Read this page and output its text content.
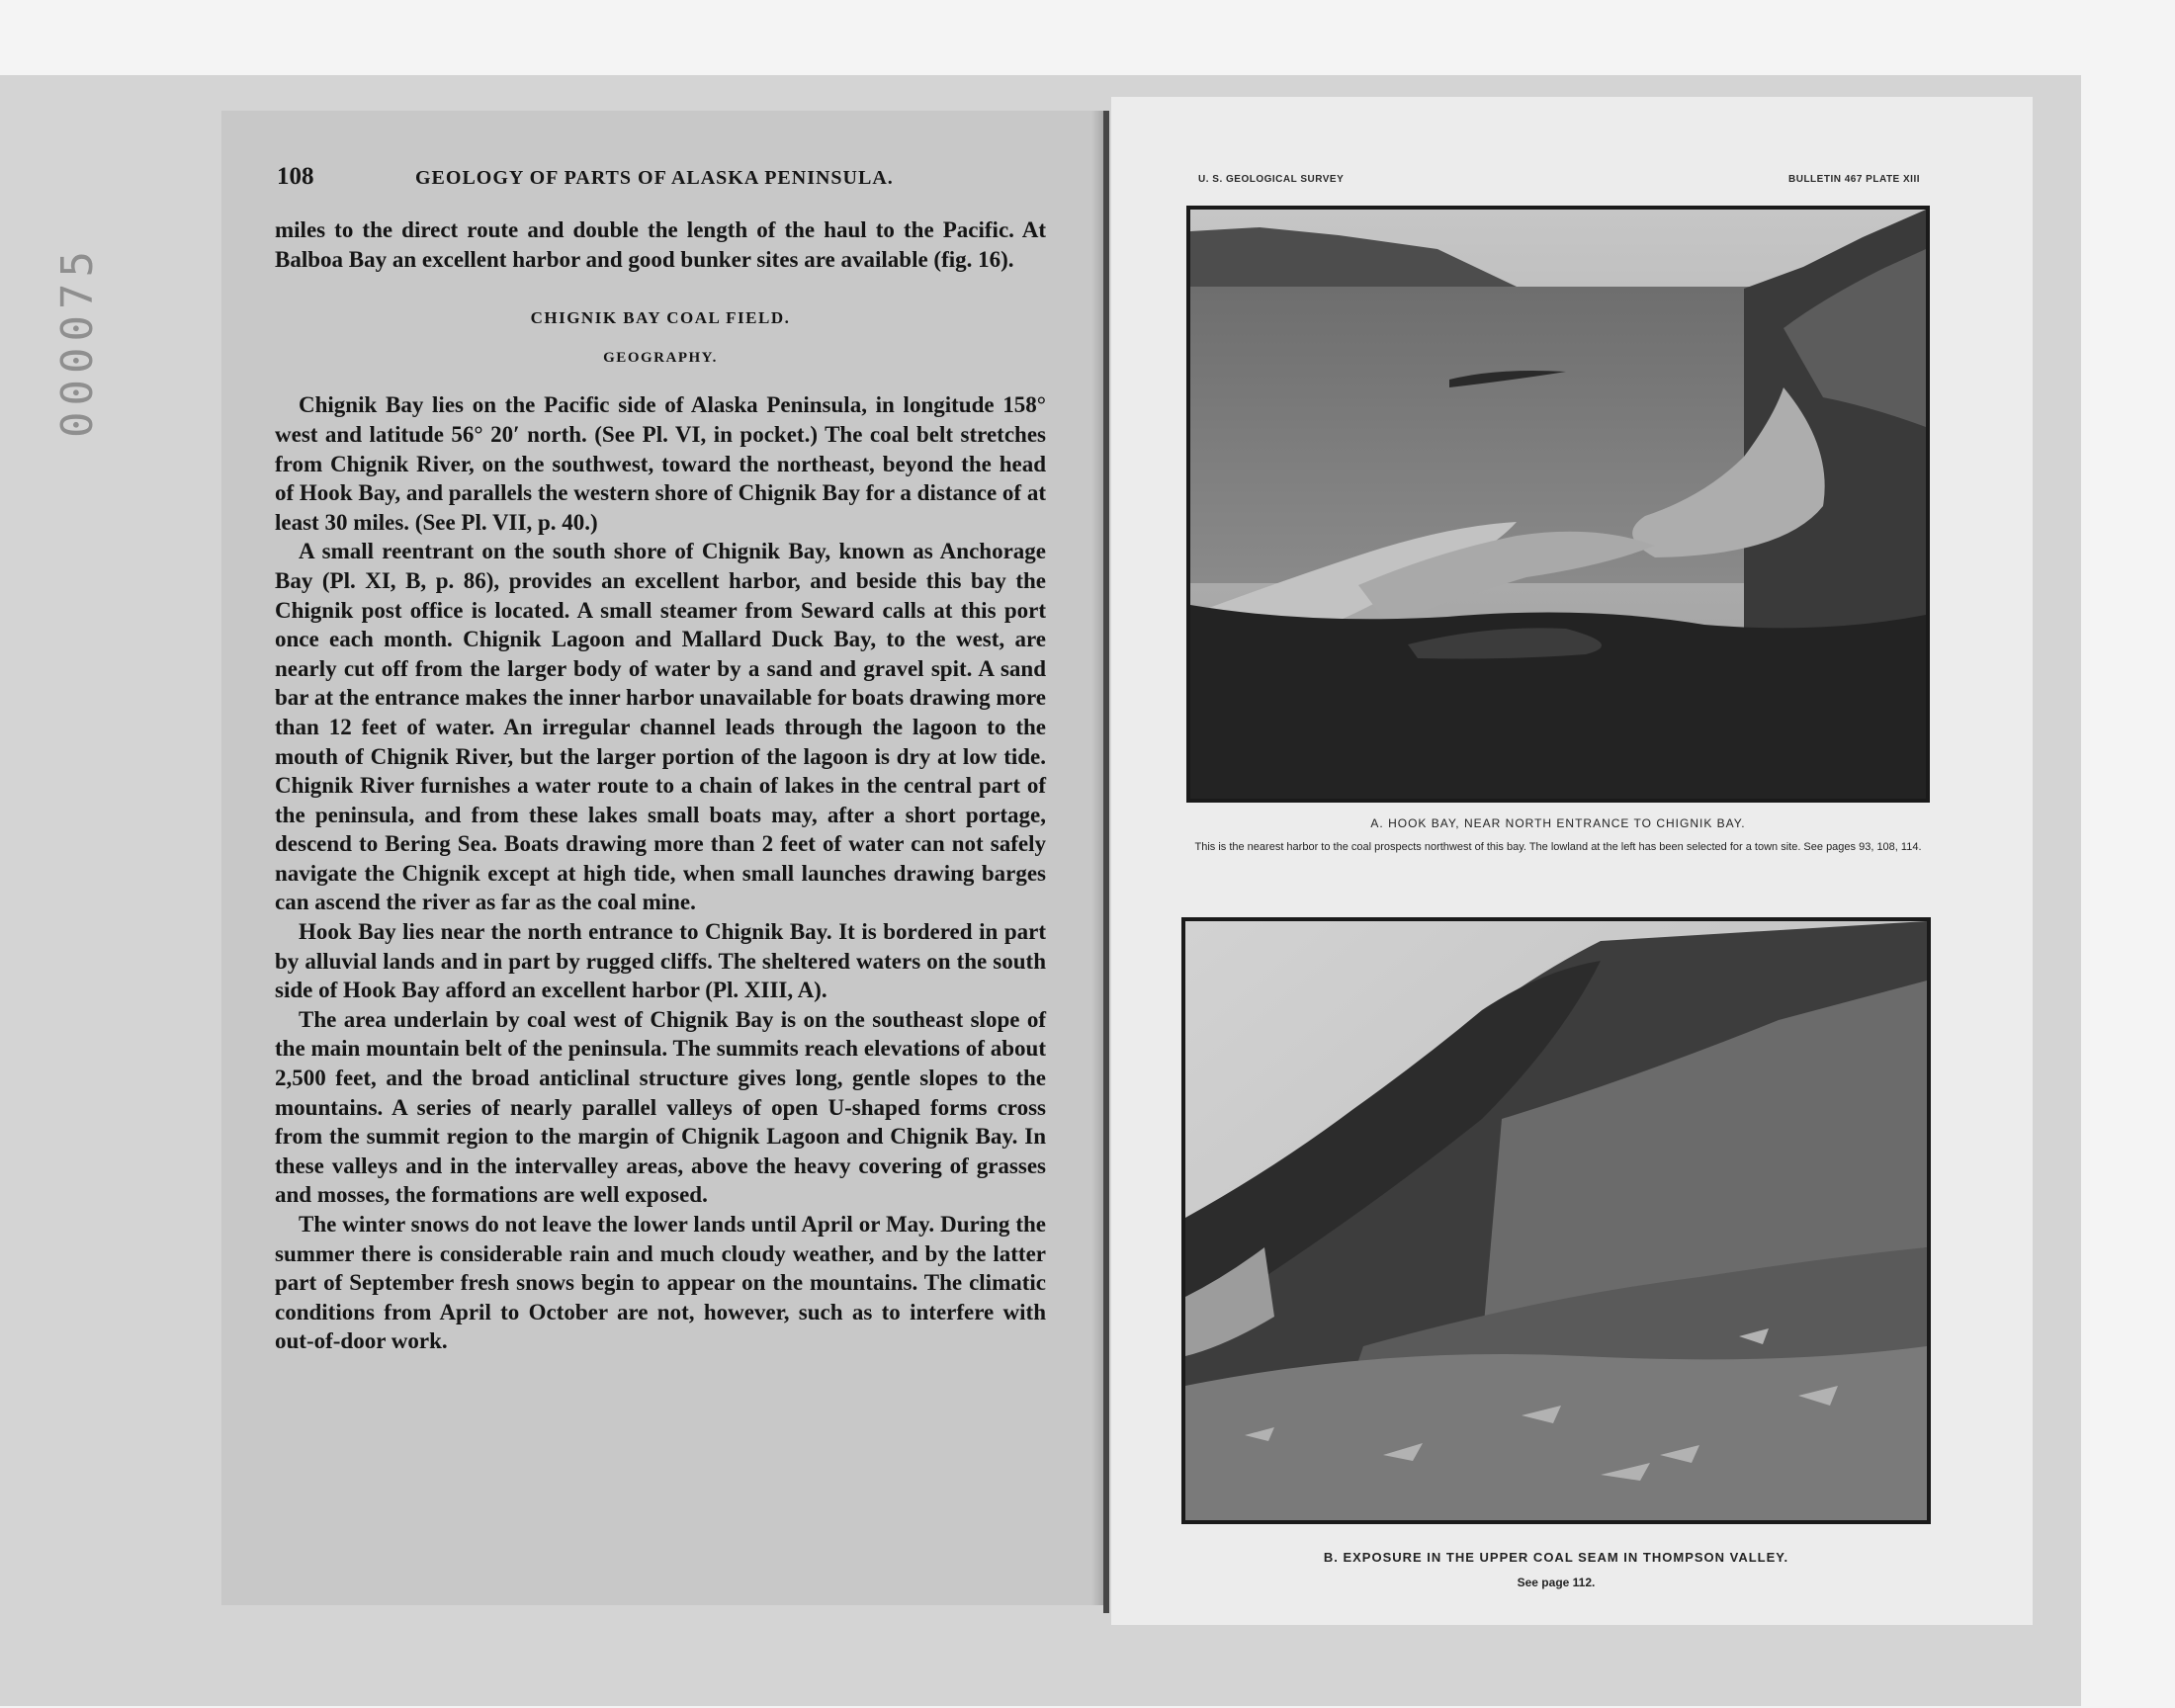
000075
108	GEOLOGY OF PARTS OF ALASKA PENINSULA.

miles to the direct route and double the length of the haul to the Pacific. At Balboa Bay an excellent harbor and good bunker sites are available (fig. 16).

CHIGNIK BAY COAL FIELD.

GEOGRAPHY.

Chignik Bay lies on the Pacific side of Alaska Peninsula, in longitude 158° west and latitude 56° 20′ north. (See Pl. VI, in pocket.) The coal belt stretches from Chignik River, on the southwest, toward the northeast, beyond the head of Hook Bay, and parallels the western shore of Chignik Bay for a distance of at least 30 miles. (See Pl. VII, p. 40.)

A small reentrant on the south shore of Chignik Bay, known as Anchorage Bay (Pl. XI, B, p. 86), provides an excellent harbor, and beside this bay the Chignik post office is located. A small steamer from Seward calls at this port once each month. Chignik Lagoon and Mallard Duck Bay, to the west, are nearly cut off from the larger body of water by a sand and gravel spit. A sand bar at the entrance makes the inner harbor unavailable for boats drawing more than 12 feet of water. An irregular channel leads through the lagoon to the mouth of Chignik River, but the larger portion of the lagoon is dry at low tide. Chignik River furnishes a water route to a chain of lakes in the central part of the peninsula, and from these lakes small boats may, after a short portage, descend to Bering Sea. Boats drawing more than 2 feet of water can not safely navigate the Chignik except at high tide, when small launches drawing barges can ascend the river as far as the coal mine.

Hook Bay lies near the north entrance to Chignik Bay. It is bordered in part by alluvial lands and in part by rugged cliffs. The sheltered waters on the south side of Hook Bay afford an excellent harbor (Pl. XIII, A).

The area underlain by coal west of Chignik Bay is on the southeast slope of the main mountain belt of the peninsula. The summits reach elevations of about 2,500 feet, and the broad anticlinal structure gives long, gentle slopes to the mountains. A series of nearly parallel valleys of open U-shaped forms cross from the summit region to the margin of Chignik Lagoon and Chignik Bay. In these valleys and in the intervalley areas, above the heavy covering of grasses and mosses, the formations are well exposed.

The winter snows do not leave the lower lands until April or May. During the summer there is considerable rain and much cloudy weather, and by the latter part of September fresh snows begin to appear on the mountains. The climatic conditions from April to October are not, however, such as to interfere with out-of-door work.

U. S. GEOLOGICAL SURVEY	BULLETIN 467 PLATE XIII
A. HOOK BAY, NEAR NORTH ENTRANCE TO CHIGNIK BAY.
This is the nearest harbor to the coal prospects northwest of this bay. The lowland at the left has been selected for a town site. See pages 93, 108, 114.
B. EXPOSURE IN THE UPPER COAL SEAM IN THOMPSON VALLEY.
See page 112.
